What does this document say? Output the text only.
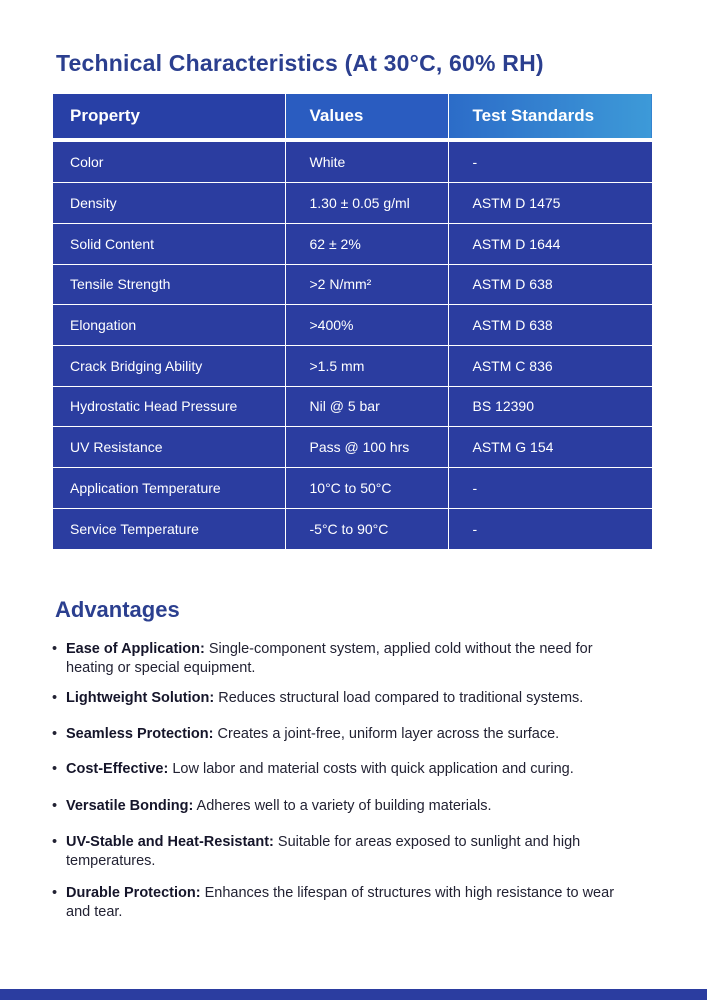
Technical Characteristics (At 30°C, 60% RH)
Property	Values	Test Standards

Color	White	-
Density	1.30 ± 0.05 g/ml	ASTM D 1475
Solid Content	62 ± 2%	ASTM D 1644
Tensile Strength	>2 N/mm²	ASTM D 638
Elongation	>400%	ASTM D 638
Crack Bridging Ability	>1.5 mm	ASTM C 836
Hydrostatic Head Pressure	Nil @ 5 bar	BS 12390
UV Resistance	Pass @ 100 hrs	ASTM G 154
Application Temperature	10°C to 50°C	-
Service Temperature	-5°C to 90°C	-
Advantages
• Ease of Application: Single-component system, applied cold without the need for heating or special equipment.
• Lightweight Solution: Reduces structural load compared to traditional systems.
• Seamless Protection: Creates a joint-free, uniform layer across the surface.
• Cost-Effective: Low labor and material costs with quick application and curing.
• Versatile Bonding: Adheres well to a variety of building materials.
• UV-Stable and Heat-Resistant: Suitable for areas exposed to sunlight and high temperatures.
• Durable Protection: Enhances the lifespan of structures with high resistance to wear and tear.
